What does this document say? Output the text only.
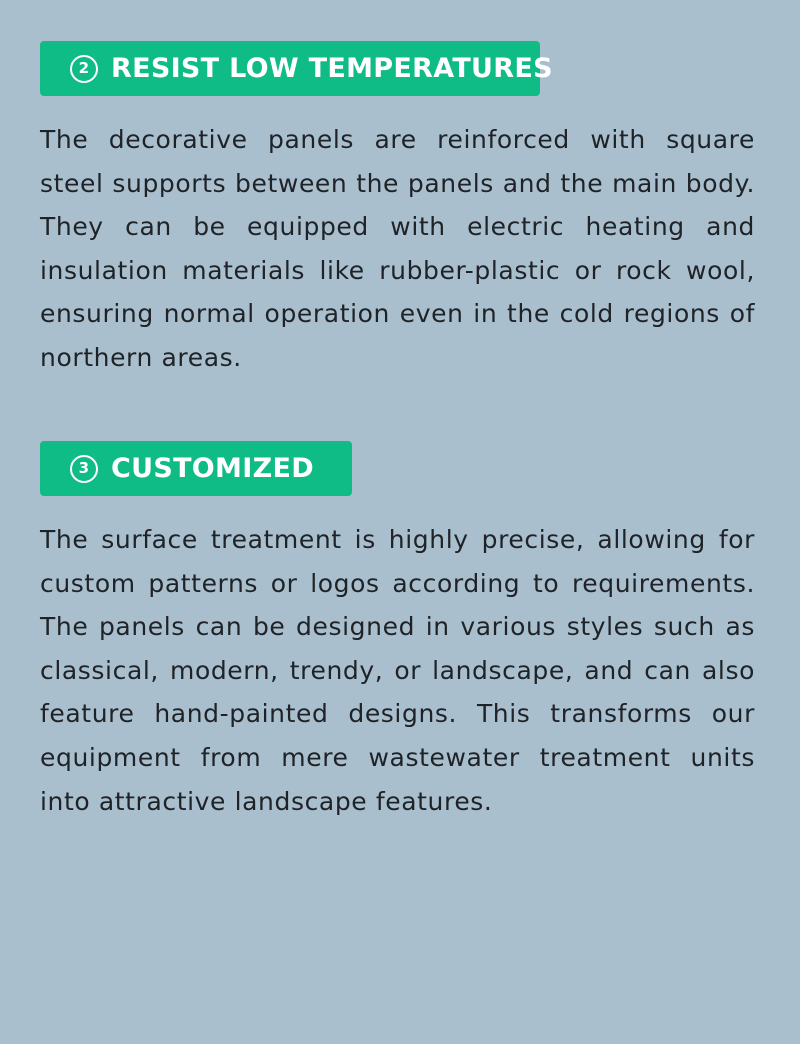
2 RESIST LOW TEMPERATURES

The decorative panels are reinforced with square steel supports between the panels and the main body. They can be equipped with electric heating and insulation materials like rubber-plastic or rock wool, ensuring normal operation even in the cold regions of northern areas.

3 CUSTOMIZED

The surface treatment is highly precise, allowing for custom patterns or logos according to requirements. The panels can be designed in various styles such as classical, modern, trendy, or landscape, and can also feature hand-painted designs. This transforms our equipment from mere wastewater treatment units into attractive landscape features.
